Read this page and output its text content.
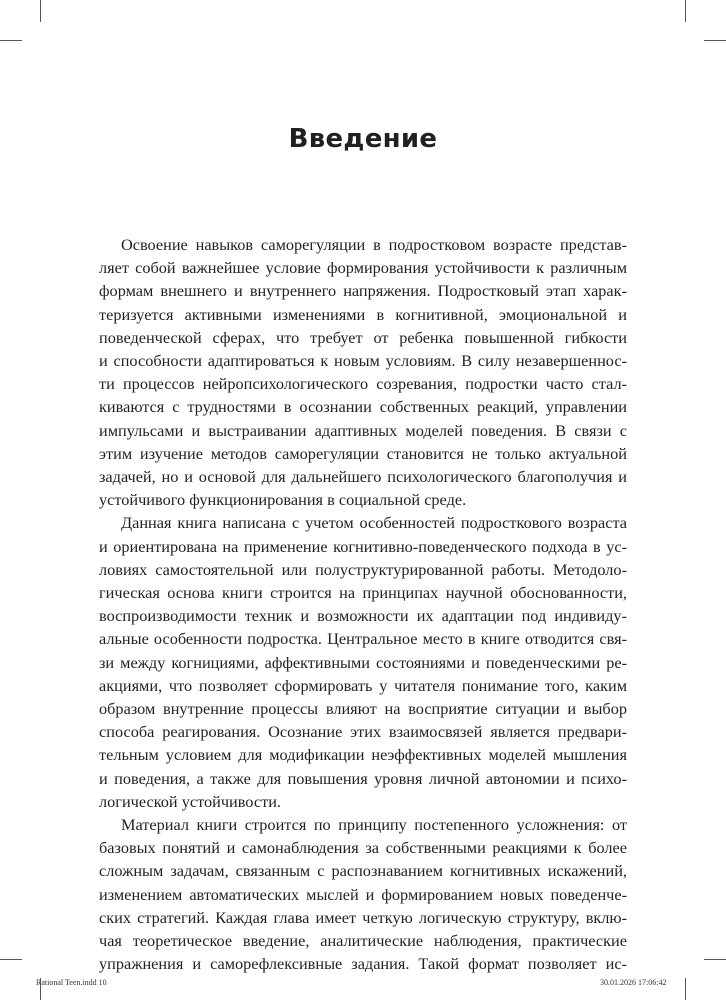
Введение

Освоение навыков саморегуляции в подростковом возрасте представ-
ляет собой важнейшее условие формирования устойчивости к различным
формам внешнего и внутреннего напряжения. Подростковый этап харак-
теризуется активными изменениями в когнитивной, эмоциональной и
поведенческой сферах, что требует от ребенка повышенной гибкости
и способности адаптироваться к новым условиям. В силу незавершеннос-
ти процессов нейропсихологического созревания, подростки часто стал-
киваются с трудностями в осознании собственных реакций, управлении
импульсами и выстраивании адаптивных моделей поведения. В связи с
этим изучение методов саморегуляции становится не только актуальной
задачей, но и основой для дальнейшего психологического благополучия и
устойчивого функционирования в социальной среде.

Данная книга написана с учетом особенностей подросткового возраста
и ориентирована на применение когнитивно-поведенческого подхода в ус-
ловиях самостоятельной или полуструктурированной работы. Методоло-
гическая основа книги строится на принципах научной обоснованности,
воспроизводимости техник и возможности их адаптации под индивиду-
альные особенности подростка. Центральное место в книге отводится свя-
зи между когнициями, аффективными состояниями и поведенческими ре-
акциями, что позволяет сформировать у читателя понимание того, каким
образом внутренние процессы влияют на восприятие ситуации и выбор
способа реагирования. Осознание этих взаимосвязей является предвари-
тельным условием для модификации неэффективных моделей мышления
и поведения, а также для повышения уровня личной автономии и психо-
логической устойчивости.

Материал книги строится по принципу постепенного усложнения: от
базовых понятий и самонаблюдения за собственными реакциями к более
сложным задачам, связанным с распознаванием когнитивных искажений,
изменением автоматических мыслей и формированием новых поведенче-
ских стратегий. Каждая глава имеет четкую логическую структуру, вклю-
чая теоретическое введение, аналитические наблюдения, практические
упражнения и саморефлексивные задания. Такой формат позволяет ис-

Rational Teen.indd 10	30.01.2026 17:06:42
